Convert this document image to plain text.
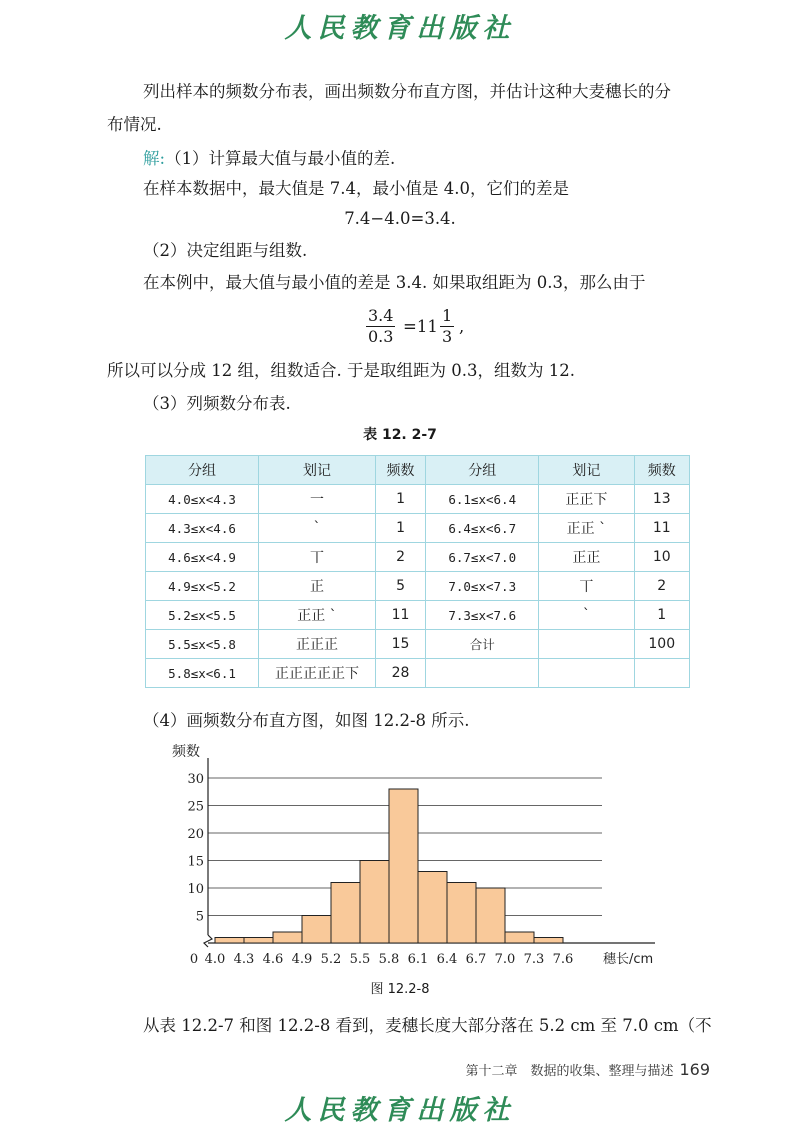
人民教育出版社
列出样本的频数分布表，画出频数分布直方图，并估计这种大麦穗长的分
布情况.
解:（1）计算最大值与最小值的差.
在样本数据中，最大值是 7.4，最小值是 4.0，它们的差是
7.4−4.0=3.4.
（2）决定组距与组数.
在本例中，最大值与最小值的差是 3.4. 如果取组距为 0.3，那么由于
$\frac{3.4}{0.3} =11 \frac{1}{3}$ ,
所以可以分成 12 组，组数适合. 于是取组距为 0.3，组数为 12.
（3）列频数分布表.
表 12. 2-7
分组	划记	频数	分组	划记	频数
4.0≤x<4.3	一	1	6.1≤x<6.4	正正下	13
4.3≤x<4.6	ˋ	1	6.4≤x<6.7	正正 ˋ	11
4.6≤x<4.9	丅	2	6.7≤x<7.0	正正	10
4.9≤x<5.2	正	5	7.0≤x<7.3	丅	2
5.2≤x<5.5	正正 ˋ	11	7.3≤x<7.6	ˋ	1
5.5≤x<5.8	正正正	15	合计		100
5.8≤x<6.1	正正正正正下	28			
（4）画频数分布直方图，如图 12.2-8 所示.
5
10
15
20
25
30
4.0 4.3 4.6 4.9 5.2 5.5 5.8 6.1 6.4 6.7 7.0 7.3 7.6
0
频数
穗长/cm
图 12.2-8
从表 12.2-7 和图 12.2-8 看到，麦穗长度大部分落在 5.2 cm 至 7.0 cm（不
第十二章　数据的收集、整理与描述 169
人民教育出版社
